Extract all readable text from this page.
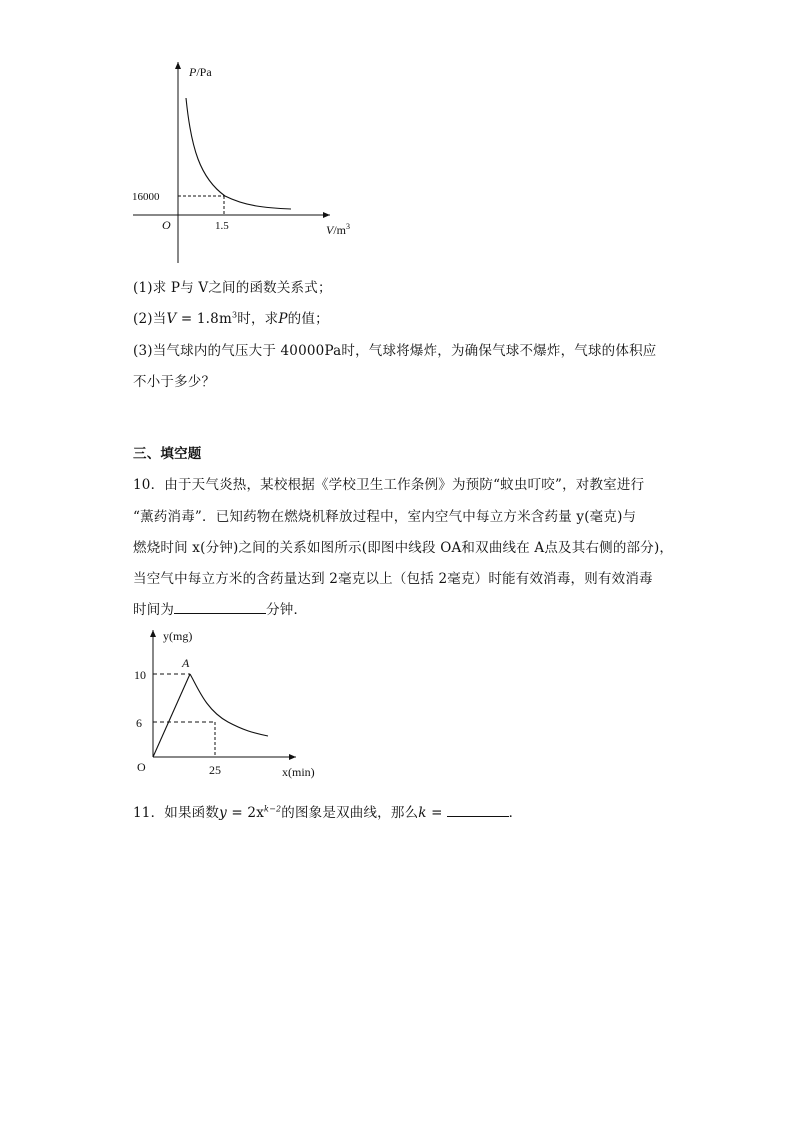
P/Pa
16000
O	1.5	$V/m^3$
(1)求 P与 V之间的函数关系式；
(2)当$V = 1.8m^3$时，求P的值；
(3)当气球内的气压大于 40000Pa时，气球将爆炸，为确保气球不爆炸，气球的体积应
不小于多少？
三、填空题
10．由于天气炎热，某校根据《学校卫生工作条例》为预防“蚊虫叮咬”，对教室进行
“薰药消毒”．已知药物在燃烧机释放过程中，室内空气中每立方米含药量 y(毫克)与
燃烧时间 x(分钟)之间的关系如图所示(即图中线段 OA和双曲线在 A点及其右侧的部分)，
当空气中每立方米的含药量达到 2毫克以上（包括 2毫克）时能有效消毒，则有效消毒
时间为	分钟．
y(mg)
A
10
6
O	25	x(min)
11．如果函数$y = 2x^{k-2}$的图象是双曲线，那么k =	．
